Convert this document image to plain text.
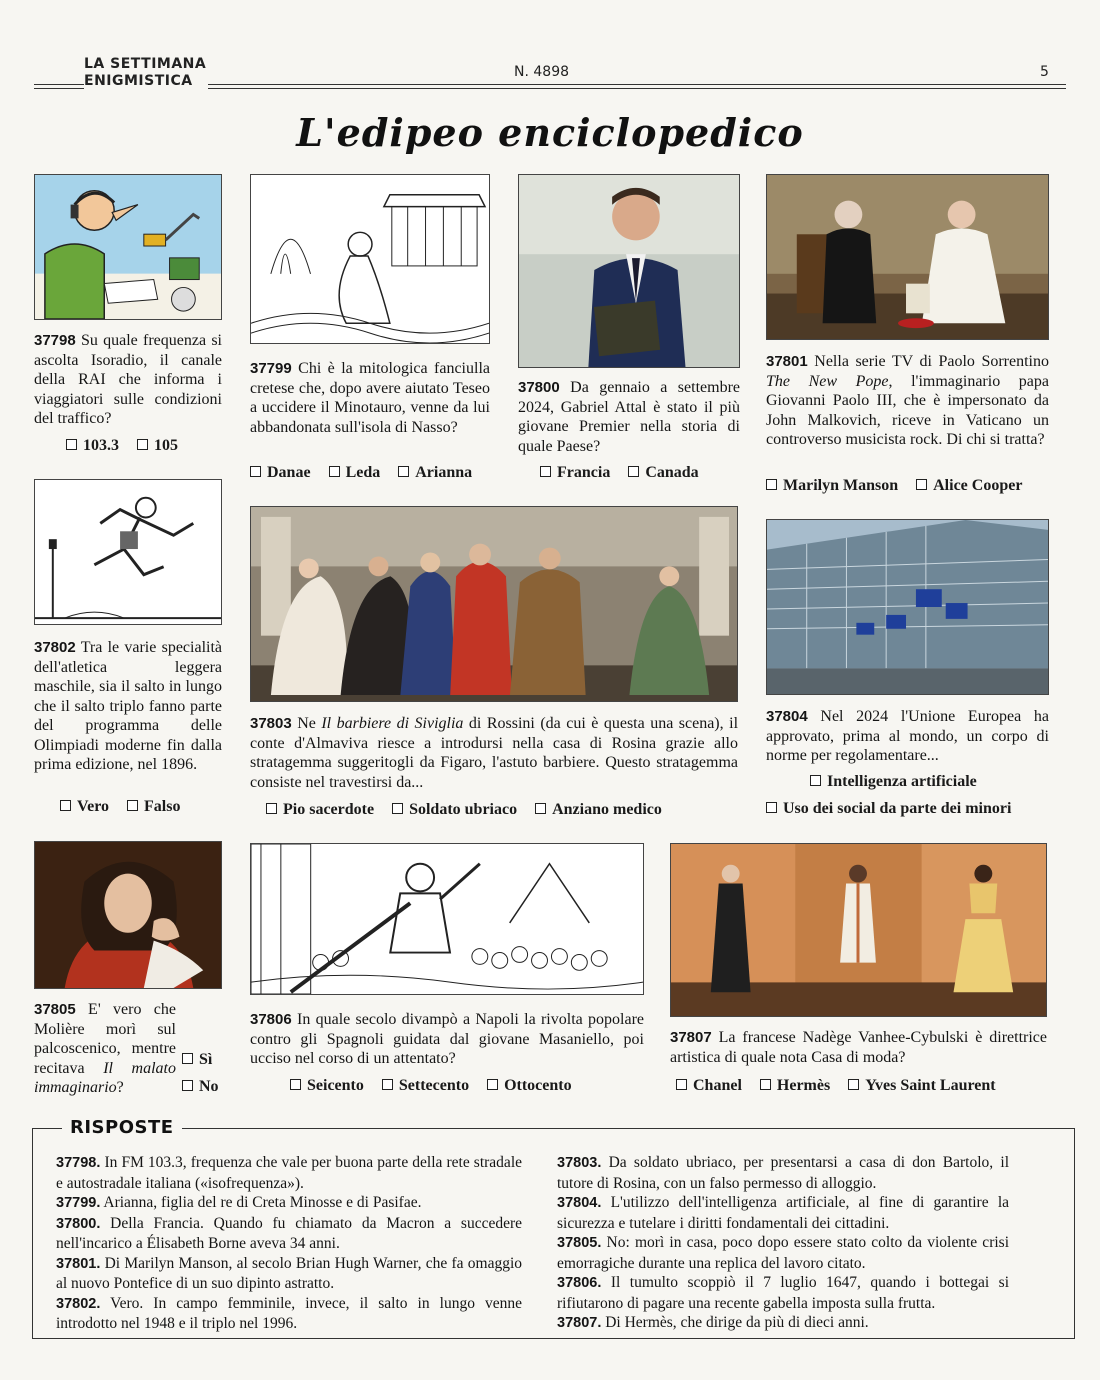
LA SETTIMANA
ENIGMISTICA
N. 4898	5
L'edipeo enciclopedico
37798 Su quale frequenza si ascolta Isoradio, il canale della RAI che informa i viaggiatori sulle condizioni del traffico?
103.3 105
37799 Chi è la mitologica fanciulla cretese che, dopo avere aiutato Teseo a uccidere il Minotauro, venne da lui abbandonata sull'isola di Nasso?
Danae Leda Arianna
37800 Da gennaio a settembre 2024, Gabriel Attal è stato il più giovane Premier nella storia di quale Paese?
Francia Canada
37801 Nella serie TV di Paolo Sorrentino The New Pope, l'immaginario papa Giovanni Paolo III, che è impersonato da John Malkovich, riceve in Vaticano un controverso musicista rock. Di chi si tratta?
Marilyn Manson Alice Cooper
37802 Tra le varie specialità dell'atletica leggera maschile, sia il salto in lungo che il salto triplo fanno parte del programma delle Olimpiadi moderne fin dalla prima edizione, nel 1896.
Vero Falso
37803 Ne Il barbiere di Siviglia di Rossini (da cui è questa una scena), il conte d'Almaviva riesce a introdursi nella casa di Rosina grazie allo stratagemma suggeritogli da Figaro, l'astuto barbiere. Questo stratagemma consiste nel travestirsi da...
Pio sacerdote Soldato ubriaco Anziano medico
37804 Nel 2024 l'Unione Europea ha approvato, prima al mondo, un corpo di norme per regolamentare...
Intelligenza artificiale
Uso dei social da parte dei minori
37805 E' vero che Molière morì sul palcoscenico, mentre recitava Il malato immaginario?
Sì
No
37806 In quale secolo divampò a Napoli la rivolta popolare contro gli Spagnoli guidata dal giovane Masaniello, poi ucciso nel corso di un attentato?
Seicento Settecento Ottocento
37807 La francese Nadège Vanhee-Cybulski è direttrice artistica di quale nota Casa di moda?
Chanel Hermès Yves Saint Laurent
RISPOSTE

37798. In FM 103.3, frequenza che vale per buona parte della rete stradale e autostradale italiana («isofrequenza»).

37799. Arianna, figlia del re di Creta Minosse e di Pasifae.

37800. Della Francia. Quando fu chiamato da Macron a succedere nell'incarico a Élisabeth Borne aveva 34 anni.

37801. Di Marilyn Manson, al secolo Brian Hugh Warner, che fa omaggio al nuovo Pontefice di un suo dipinto astratto.

37802. Vero. In campo femminile, invece, il salto in lungo venne introdotto nel 1948 e il triplo nel 1996.

37803. Da soldato ubriaco, per presentarsi a casa di don Bartolo, il tutore di Rosina, con un falso permesso di alloggio.

37804. L'utilizzo dell'intelligenza artificiale, al fine di garantire la sicurezza e tutelare i diritti fondamentali dei cittadini.

37805. No: morì in casa, poco dopo essere stato colto da violente crisi emorragiche durante una replica del lavoro citato.

37806. Il tumulto scoppiò il 7 luglio 1647, quando i bottegai si rifiutarono di pagare una recente gabella imposta sulla frutta.

37807. Di Hermès, che dirige da più di dieci anni.
